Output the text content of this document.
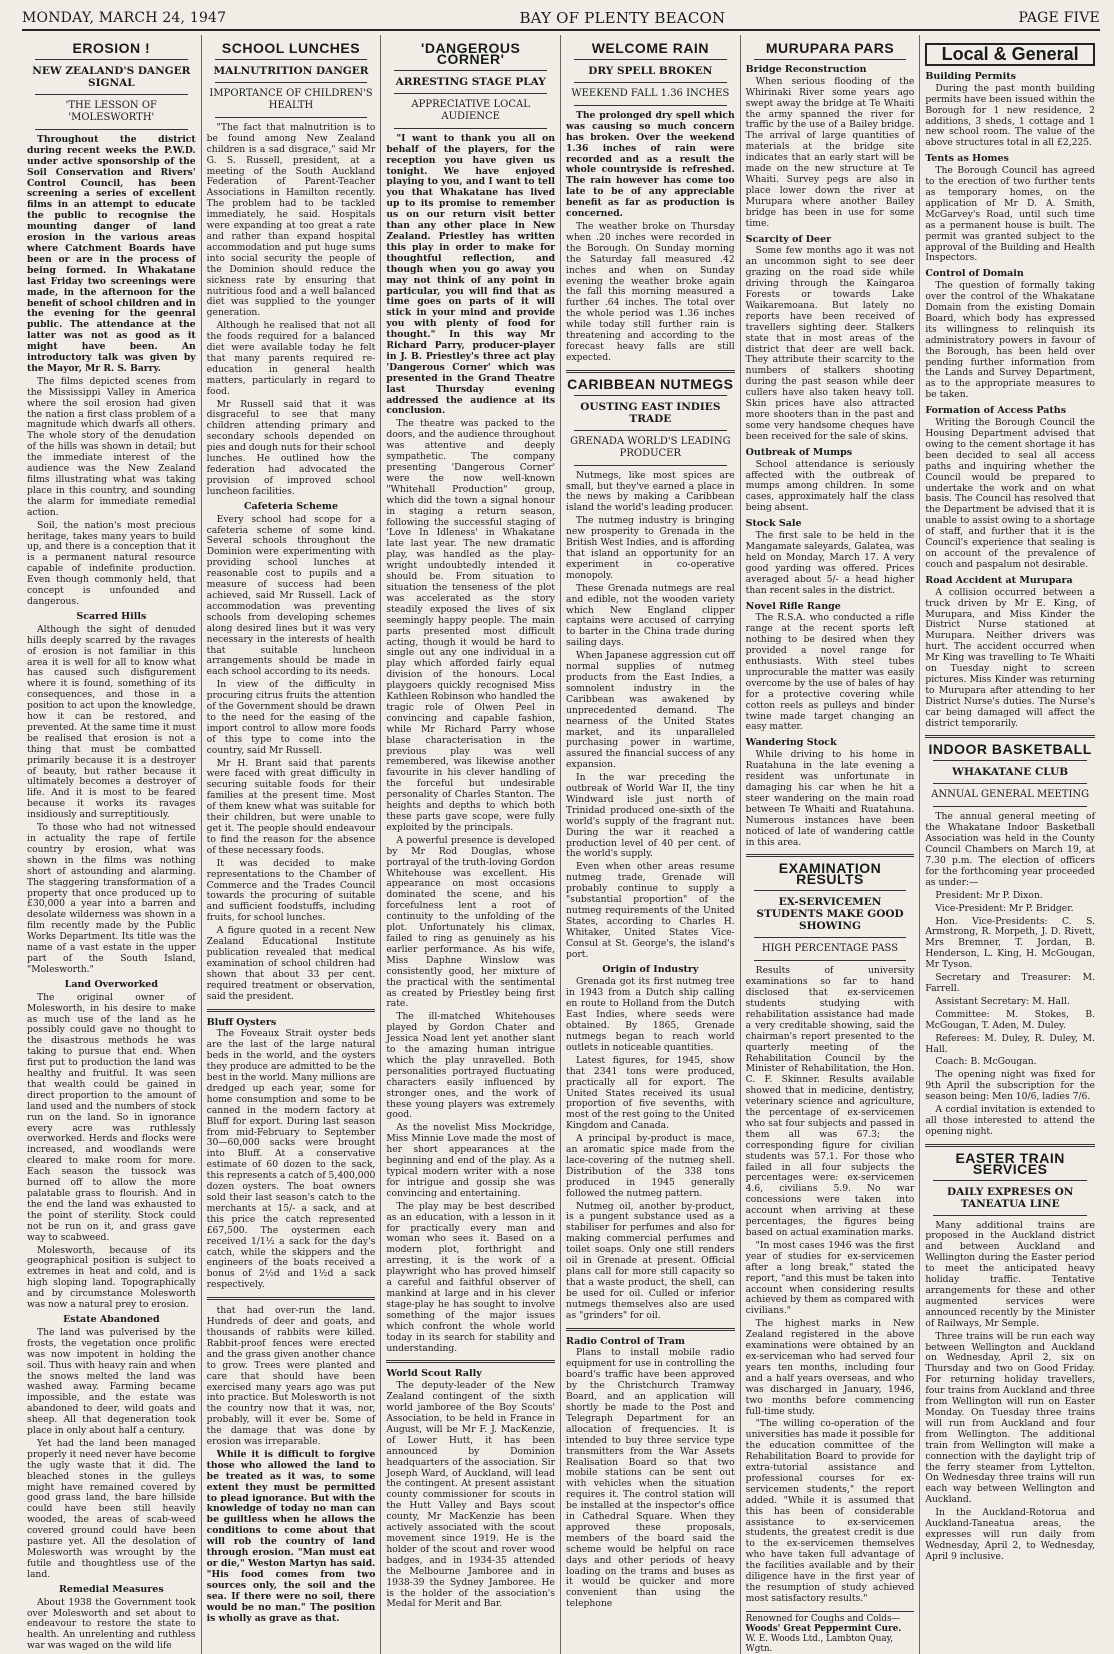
MONDAY, MARCH 24, 1947	BAY OF PLENTY BEACON	PAGE FIVE
EROSION !
NEW ZEALAND'S DANGER SIGNAL
'THE LESSON OF 'MOLESWORTH'

Throughout the district during recent weeks the P.W.D. under active sponsorship of the Soil Conservation and Rivers' Control Council, has been screening a series of excellent films in an attempt to educate the public to recognise the mounting danger of land erosion in the various areas where Catchment Boards have been or are in the process of being formed. In Whakatane last Friday two screenings were made, in the afternoon for the benefit of school children and in the evening for the geenral public. The attendance at the latter was not as good as it might have been. An introductory talk was given by the Mayor, Mr R. S. Barry.

The films depicted scenes from the Mississippi Valley in America where the soil erosion had given the nation a first class problem of a magnitude which dwarfs all others. The whole story of the denudation of the hills was shown in detail; but the immediate interest of the audience was the New Zealand films illustrating what was taking place in this country, and sounding the alarm for immediate remedial action.

Soil, the nation's most precious heritage, takes many years to build up, and there is a conception that it is a permanent natural resource capable of indefinite production. Even though commonly held, that concept is unfounded and dangerous.

Scarred Hills

Although the sight of denuded hills deeply scarred by the ravages of erosion is not familiar in this area it is well for all to know what has caused such disfigurement where it is found, something of its consequences, and those in a position to act upon the knowledge, how it can be restored, and prevented. At the same time it must be realised that erosion is not a thing that must be combatted primarily because it is a destroyer of beauty, but rather because it ultimately becomes a destroyer of life. And it is most to be feared because it works its ravages insidiously and surreptitiously.

To those who had not witnessed in actuality the rape of fertile country by erosion, what was shown in the films was nothing short of astounding and alarming. The staggering transformation of a property that once produced up to £30,000 a year into a barren and desolate wilderness was shown in a film recently made by the Public Works Department. Its title was the name of a vast estate in the upper part of the South Island, "Molesworth."

Land Overworked

The original owner of Molesworth, in his desire to make as much use of the land as he possibly could gave no thought to the disastrous methods he was taking to pursue that end. When first put to production the land was healthy and fruitful. It was seen that wealth could be gained in direct proportion to the amount of land used and the numbers of stock run on the land. So in ignorance every acre was ruthlessly overworked. Herds and flocks were increased, and woodlands were cleared to make room for more. Each season the tussock was burned off to allow the more palatable grass to flourish. And in the end the land was exhausted to the point of sterility. Stock could not be run on it, and grass gave way to scabweed.

Molesworth, because of its geographical position is subject to extremes in heat and cold, and is high sloping land. Topographically and by circumstance Molesworth was now a natural prey to erosion.

Estate Abandoned

The land was pulverised by the frosts, the vegetation once prolific was now impotent in holding the soil. Thus with heavy rain and when the snows melted the land was washed away. Farming became impossible, and the estate was abandoned to deer, wild goats and sheep. All that degeneration took place in only about half a century.

Yet had the land been managed properly it need never have become the ugly waste that it did. The bleached stones in the gulleys might have remained covered by good grass land, the bare hillside could have been still heavily wooded, the areas of scab-weed covered ground could have been pasture yet. All the desolation of Molesworth was wrought by the futile and thoughtless use of the land.

Remedial Measures

About 1938 the Government took over Molesworth and set about to endeavour to restore the state to health. An unrelenting and ruthless war was waged on the wild life

SCHOOL LUNCHES
MALNUTRITION DANGER
IMPORTANCE OF CHILDREN'S HEALTH

"The fact that malnutrition is to be found among New Zealand children is a sad disgrace," said Mr G. S. Russell, president, at a meeting of the South Auckland Federation of Parent-Teacher Associations in Hamilton recently. The problem had to be tackled immediately, he said. Hospitals were expanding at too great a rate and rather than expand hospital accommodation and put huge sums into social security the people of the Dominion should reduce the sickness rate by ensuring that nutritious food and a well balanced diet was supplied to the younger generation.

Although he realised that not all the foods required for a balanced diet were available today he felt that many parents required re-education in general health matters, particularly in regard to food.

Mr Russell said that it was disgraceful to see that many children attending primary and secondary schools depended on pies and dough nuts for their school lunches. He outlined how the federation had advocated the provision of improved school luncheon facilities.

Cafeteria Scheme

Every school had scope for a cafeteria scheme of some kind. Several schools throughout the Dominion were experimenting with providing school lunches at reasonable cost to pupils and a measure of success had been achieved, said Mr Russell. Lack of accommodation was preventing schools from developing schemes along desired lines but it was very necessary in the interests of health that suitable luncheon arrangements should be made in each school according to its needs.

In view of the difficulty in procuring citrus fruits the attention of the Government should be drawn to the need for the easing of the import control to allow more foods of this type to come into the country, said Mr Russell.

Mr H. Brant said that parents were faced with great difficulty in securing suitable foods for their families at the present time. Most of them knew what was suitable for their children, but were unable to get it. The people should endeavour to find the reason for the absence of these necessary foods.

It was decided to make representations to the Chamber of Commerce and the Trades Council towards the procuring of suitable and sufficient foodstuffs, including fruits, for school lunches.

A figure quoted in a recent New Zealand Educational Institute publication revealed that medical examination of school children had shown that about 33 per cent. required treatment or observation, said the president.

Bluff Oysters

The Foveaux Strait oyster beds are the last of the large natural beds in the world, and the oysters they produce are admitted to be the best in the world. Many millions are dredged up each year, some for home consumption and some to be canned in the modern factory at Bluff for export. During last season from mid-February to September 30—60,000 sacks were brought into Bluff. At a conservative estimate of 60 dozen to the sack, this represents a catch of 5,400,000 dozen oysters. The boat owners sold their last season's catch to the merchants at 15/- a sack, and at this price the catch represented £67,500. The oystermen each received 1/1½ a sack for the day's catch, while the skippers and the engineers of the boats received a bonus of 2½d and 1½d a sack respectively.

that had over-run the land. Hundreds of deer and goats, and thousands of rabbits were killed. Rabbit-proof fences were erected and the grass given another chance to grow. Trees were planted and care that should have been exercised many years ago was put into practice. But Molesworth is not the country now that it was, nor, probably, will it ever be. Some of the damage that was done by erosion was irreparable.

While it is difficult to forgive those who allowed the land to be treated as it was, to some extent they must be permitted to plead ignorance. But with the knowledge of today no man can be guiltless when he allows the conditions to come about that will rob the country of land through erosion. "Man must eat or die," Weston Martyn has said. "His food comes from two sources only, the soil and the sea. If there were no soil, there would be no man." The position is wholly as grave as that.

'DANGEROUS CORNER'
ARRESTING STAGE PLAY
APPRECIATIVE LOCAL AUDIENCE

"I want to thank you all on behalf of the players, for the reception you have given us tonight. We have enjoyed playing to you, and I want to tell you that Whakatane has lived up to its promise to remember us on our return visit better than any other place in New Zealand. Priestley has written this play in order to make for thoughtful reflection, and though when you go away you may not think of any point in particular, you will find that as time goes on parts of it will stick in your mind and provide you with plenty of food for thought." In this way Mr Richard Parry, producer-player in J. B. Priestley's three act play 'Dangerous Corner' which was presented in the Grand Theatre last Thursday evening addressed the audience at its conclusion.

The theatre was packed to the doors, and the audience throughout was attentive and deeply sympathetic. The company presenting 'Dangerous Corner' were the now well-known "Whitehall Production" group, which did the town a signal honour in staging a return season, following the successful staging of 'Love In Idleness' in Whakatane late last year. The new dramatic play, was handled as the play-wright undoubtedly intended it should be. From situation to situation the tenseness of the plot was accelerated as the story steadily exposed the lives of six seemingly happy people. The main parts presented most difficult acting, though it would be hard to single out any one individual in a play which afforded fairly equal division of the honours. Local playgoers quickly recognised Miss Kathleen Robinson who handled the tragic role of Olwen Peel in convincing and capable fashion, while Mr Richard Parry whose blase characterisation in the previous play was well remembered, was likewise another favourite in his clever handling of the forceful but undesirable personality of Charles Stanton. The heights and depths to which both these parts gave scope, were fully exploited by the principals.

A powerful presence is developed by Mr Rod Douglas, whose portrayal of the truth-loving Gordon Whitehouse was excellent. His appearance on most occasions dominated the scene, and his forcefulness lent a root of continuity to the unfolding of the plot. Unfortunately his climax, failed to ring as genuinely as his earlier performance. As his wife, Miss Daphne Winslow was consistently good, her mixture of the practical with the sentimental as created by Priestley being first rate.

The ill-matched Whitehouses played by Gordon Chater and Jessica Noad lent yet another slant to the amazing human intrigue which the play unravelled. Both personalities portrayed fluctuating characters easily influenced by stronger ones, and the work of these young players was extremely good.

As the novelist Miss Mockridge, Miss Minnie Love made the most of her short appearances at the beginning and end of the play. As a typical modern writer with a nose for intrigue and gossip she was convincing and entertaining.

The play may be best described as an education, with a lesson in it for practically every man and woman who sees it. Based on a modern plot, forthright and arresting, it is the work of a playwright who has proved himself a careful and faithful observer of mankind at large and in his clever stage-play he has sought to involve something of the major issues which confront the whole world today in its search for stability and understanding.

World Scout Rally

The deputy-leader of the New Zealand contingent of the sixth world jamboree of the Boy Scouts' Association, to be held in France in August, will be Mr F. J. MacKenzie, of Lower Hutt, it has been announced by Dominion headquarters of the association. Sir Joseph Ward, of Auckland, will lead the contingent. At present assistant county commissioner for scouts in the Hutt Valley and Bays scout county, Mr MacKenzie has been actively associated with the scout movement since 1919. He is the holder of the scout and rover wood badges, and in 1934-35 attended the Melbourne Jamboree and in 1938-39 the Sydney Jamboree. He is the holder of the association's Medal for Merit and Bar.

WELCOME RAIN
DRY SPELL BROKEN
WEEKEND FALL 1.36 INCHES

The prolonged dry spell which was causing so much concern has broken. Over the weekend 1.36 inches of rain were recorded and as a result the whole countryside is refreshed. The rain however has come too late to be of any appreciable benefit as far as production is concerned.

The weather broke on Thursday when .20 inches were recorded in the Borough. On Sunday morning the Saturday fall measured .42 inches and when on Sunday evening the weather broke again the fall this morning measured a further .64 inches. The total over the whole period was 1.36 inches while today still further rain is threatening and according to the forecast heavy falls are still expected.

CARIBBEAN NUTMEGS
OUSTING EAST INDIES TRADE
GRENADA WORLD'S LEADING PRODUCER

Nutmegs, like most spices are small, but they've earned a place in the news by making a Caribbean island the world's leading producer.

The nutmeg industry is bringing new prosperity to Grenada in the British West Indies, and is affording that island an opportunity for an experiment in co-operative monopoly.

These Grenada nutmegs are real and edible, not the wooden variety which New England clipper captains were accused of carrying to barter in the China trade during sailing days.

When Japanese aggression cut off normal supplies of nutmeg products from the East Indies, a somnolent industry in the Caribbean was awakened by unprecedented demand. The nearness of the United States market, and its unparalleled purchasing power in wartime, assured the financial success of any expansion.

In the war preceding the outbreak of World War II, the tiny Windward isle just north of Trinidad produced one-sixth of the world's supply of the fragrant nut. During the war it reached a production level of 40 per cent. of the world's supply.

Even when other areas resume nutmeg trade, Grenade will probably continue to supply a "substantial proportion" of the nutmeg requirements of the United States, according to Charles H. Whitaker, United States Vice-Consul at St. George's, the island's port.

Origin of Industry

Grenada got its first nutmeg tree in 1943 from a Dutch ship calling en route to Holland from the Dutch East Indies, where seeds were obtained. By 1865, Grenade nutmegs began to reach world outlets in noticeable quantities.

Latest figures, for 1945, show that 2341 tons were produced, practically all for export. The United States received its usual proportion of five sevenths, with most of the rest going to the United Kingdom and Canada.

A principal by-product is mace, an aromatic spice made from the lace-covering of the nutmeg shell. Distribution of the 338 tons produced in 1945 generally followed the nutmeg pattern.

Nutmeg oil, another by-product, is a pungent substance used as a stabiliser for perfumes and also for making commercial perfumes and toilet soaps. Only one still renders oil in Grenade at present. Official plans call for more still capacity so that a waste product, the shell, can be used for oil. Culled or inferior nutmegs themselves also are used as "grinders" for oil.

Radio Control of Tram

Plans to install mobile radio equipment for use in controlling the board's traffic have been approved by the Christchurch Tramway Board, and an application will shortly be made to the Post and Telegraph Department for an allocation of frequencies. It is intended to buy three service type transmitters from the War Assets Realisation Board so that two mobile stations can be sent out with vehicles when the situation requires it. The control station will be installed at the inspector's office in Cathedral Square. When they approved these proposals, members of the board said the scheme would be helpful on race days and other periods of heavy loading on the trams and buses as it would be quicker and more convenient than using the telephone

MURUPARA PARS
Bridge Reconstruction

When serious flooding of the Whirinaki River some years ago swept away the bridge at Te Whaiti the army spanned the river for traffic by the use of a Bailey bridge. The arrival of large quantities of materials at the bridge site indicates that an early start will be made on the new structure at Te Whaiti. Survey pegs are also in place lower down the river at Murupara where another Bailey bridge has been in use for some time.

Scarcity of Deer

Some few months ago it was not an uncommon sight to see deer grazing on the road side while driving through the Kaingaroa Forests or towards Lake Waikaremoana. But lately no reports have been received of travellers sighting deer. Stalkers state that in most areas of the district that deer are well back. They attribute their scarcity to the numbers of stalkers shooting during the past season while deer cullers have also taken heavy toll. Skin prices have also attracted more shooters than in the past and some very handsome cheques have been received for the sale of skins.

Outbreak of Mumps

School attendance is seriously affected with the outbreak of mumps among children. In some cases, approximately half the class being absent.

Stock Sale

The first sale to be held in the Mangamate saleyards, Galatea, was held on Monday, March 17. A very good yarding was offered. Prices averaged about 5/- a head higher than recent sales in the district.

Novel Rifle Range

The R.S.A. who conducted a rifle range at the recent sports left nothing to be desired when they provided a novel range for enthusiasts. With steel tubes unprocurable the matter was easily overcome by the use of bales of hay for a protective covering while cotton reels as pulleys and binder twine made target changing an easy matter.

Wandering Stock

While driving to his home in Ruatahuna in the late evening a resident was unfortunate in damaging his car when he hit a steer wandering on the main road between Te Whaiti and Ruatahuna. Numerous instances have been noticed of late of wandering cattle in this area.

EXAMINATION RESULTS
EX-SERVICEMEN STUDENTS MAKE GOOD SHOWING
HIGH PERCENTAGE PASS

Results of university examinations so far to hand disclosed that ex-servicemen students studying with rehabilitation assistance had made a very creditable showing, said the chairman's report presented to the quarterly meeting of the Rehabilitation Council by the Minister of Rehabilitation, the Hon. C. F. Skinner. Results available showed that in medicine, dentistry, veterinary science and agriculture, the percentage of ex-servicemen who sat four subjects and passed in them all was 67.3; the corresponding figure for civilian students was 57.1. For those who failed in all four subjects the percentages were: ex-servicemen 4.6, civilians 5.9. No war concessions were taken into account when arriving at these percentages, the figures being based on actual examination marks.

"In most cases 1946 was the first year of studies for ex-servicemen after a long break," stated the report, "and this must be taken into account when considering results achieved by them as compared with civilians."

The highest marks in New Zealand registered in the above examinations were obtained by an ex-serviceman who had served four years ten months, including four and a half years overseas, and who was discharged in January, 1946, two months before commencing full-time study.

"The willing co-operation of the universities has made it possible for the education committee of the Rehabilitation Board to provide for extra-tutorial assistance and professional courses for ex-servicemen students," the report added. "While it is assumed that this has been of considerable assistance to ex-servicemen students, the greatest credit is due to the ex-servicemen themselves who have taken full advantage of the facilities available and by their diligence have in the first year of the resumption of study achieved most satisfactory results."

Renowned for Coughs and Colds—
Woods' Great Peppermint Cure.
W. E. Woods Ltd., Lambton Quay, Wgtn.
Local & General
Building Permits

During the past month building permits have been issued within the Borough for 1 new residence, 2 additions, 3 sheds, 1 cottage and 1 new school room. The value of the above structures total in all £2,225.

Tents as Homes

The Borough Council has agreed to the erection of two further tents as temporary homes, on the application of Mr D. A. Smith, McGarvey's Road, until such time as a permanent house is built. The permit was granted subject to the approval of the Building and Health Inspectors.

Control of Domain

The question of formally taking over the control of the Whakatane Domain from the existing Domain Board, which body has expressed its willingness to relinquish its administratory powers in favour of the Borough, has been held over pending further information from the Lands and Survey Department, as to the appropriate measures to be taken.

Formation of Access Paths

Writing the Borough Council the Housing Department advised that owing to the cement shortage it has been decided to seal all access paths and inquiring whether the Council would be prepared to undertake the work and on what basis. The Council has resolved that the Department be advised that it is unable to assist owing to a shortage of staff, and further that it is the Council's experience that sealing is on account of the prevalence of couch and paspalum not desirable.

Road Accident at Murupara

A collision occurred between a truck driven by Mr E. King, of Murupara, and Miss Kinder the District Nurse stationed at Murupara. Neither drivers was hurt. The accident occurred when Mr King was travelling to Te Whaiti on Tuesday night to screen pictures. Miss Kinder was returning to Murupara after attending to her District Nurse's duties. The Nurse's car being damaged will affect the district temporarily.

INDOOR BASKETBALL
WHAKATANE CLUB
ANNUAL GENERAL MEETING

The annual general meeting of the Whakatane Indoor Basketball Association was held in the County Council Chambers on March 19, at 7.30 p.m. The election of officers for the forthcoming year proceeded as under:—

President: Mr P. Dixon.

Vice-President: Mr P. Bridger.

Hon. Vice-Presidents: C. S. Armstrong, R. Morpeth, J. D. Rivett, Mrs Bremner, T. Jordan, B. Henderson, L. King, H. McGougan, Mr Tyson.

Secretary and Treasurer: M. Farrell.

Assistant Secretary: M. Hall.

Committee: M. Stokes, B. McGougan, T. Aden, M. Duley.

Referees: M. Duley, R. Duley, M. Hall.

Coach: B. McGougan.

The opening night was fixed for 9th April the subscription for the season being: Men 10/6, ladies 7/6.

A cordial invitation is extended to all those interested to attend the opening night.

EASTER TRAIN SERVICES
DAILY EXPRESES ON TANEATUA LINE

Many additional trains are proposed in the Auckland district and between Auckland and Wellington during the Easter period to meet the anticipated heavy holiday traffic. Tentative arrangements for these and other augmented services were announced recently by the Minister of Railways, Mr Semple.

Three trains will be run each way between Wellington and Auckland on Wednesday, April 2, six on Thursday and two on Good Friday. For returning holiday travellers, four trains from Auckland and three from Wellington will run on Easter Monday. On Tuesday three trains will run from Auckland and four from Wellington. The additional train from Wellington will make a connection with the daylight trip of the ferry steamer from Lyttelton. On Wednesday three trains will run each way between Wellington and Auckland.

In the Auckland-Rotorua and Auckland-Taneatua areas, the expresses will run daily from Wednesday, April 2, to Wednesday, April 9 inclusive.
